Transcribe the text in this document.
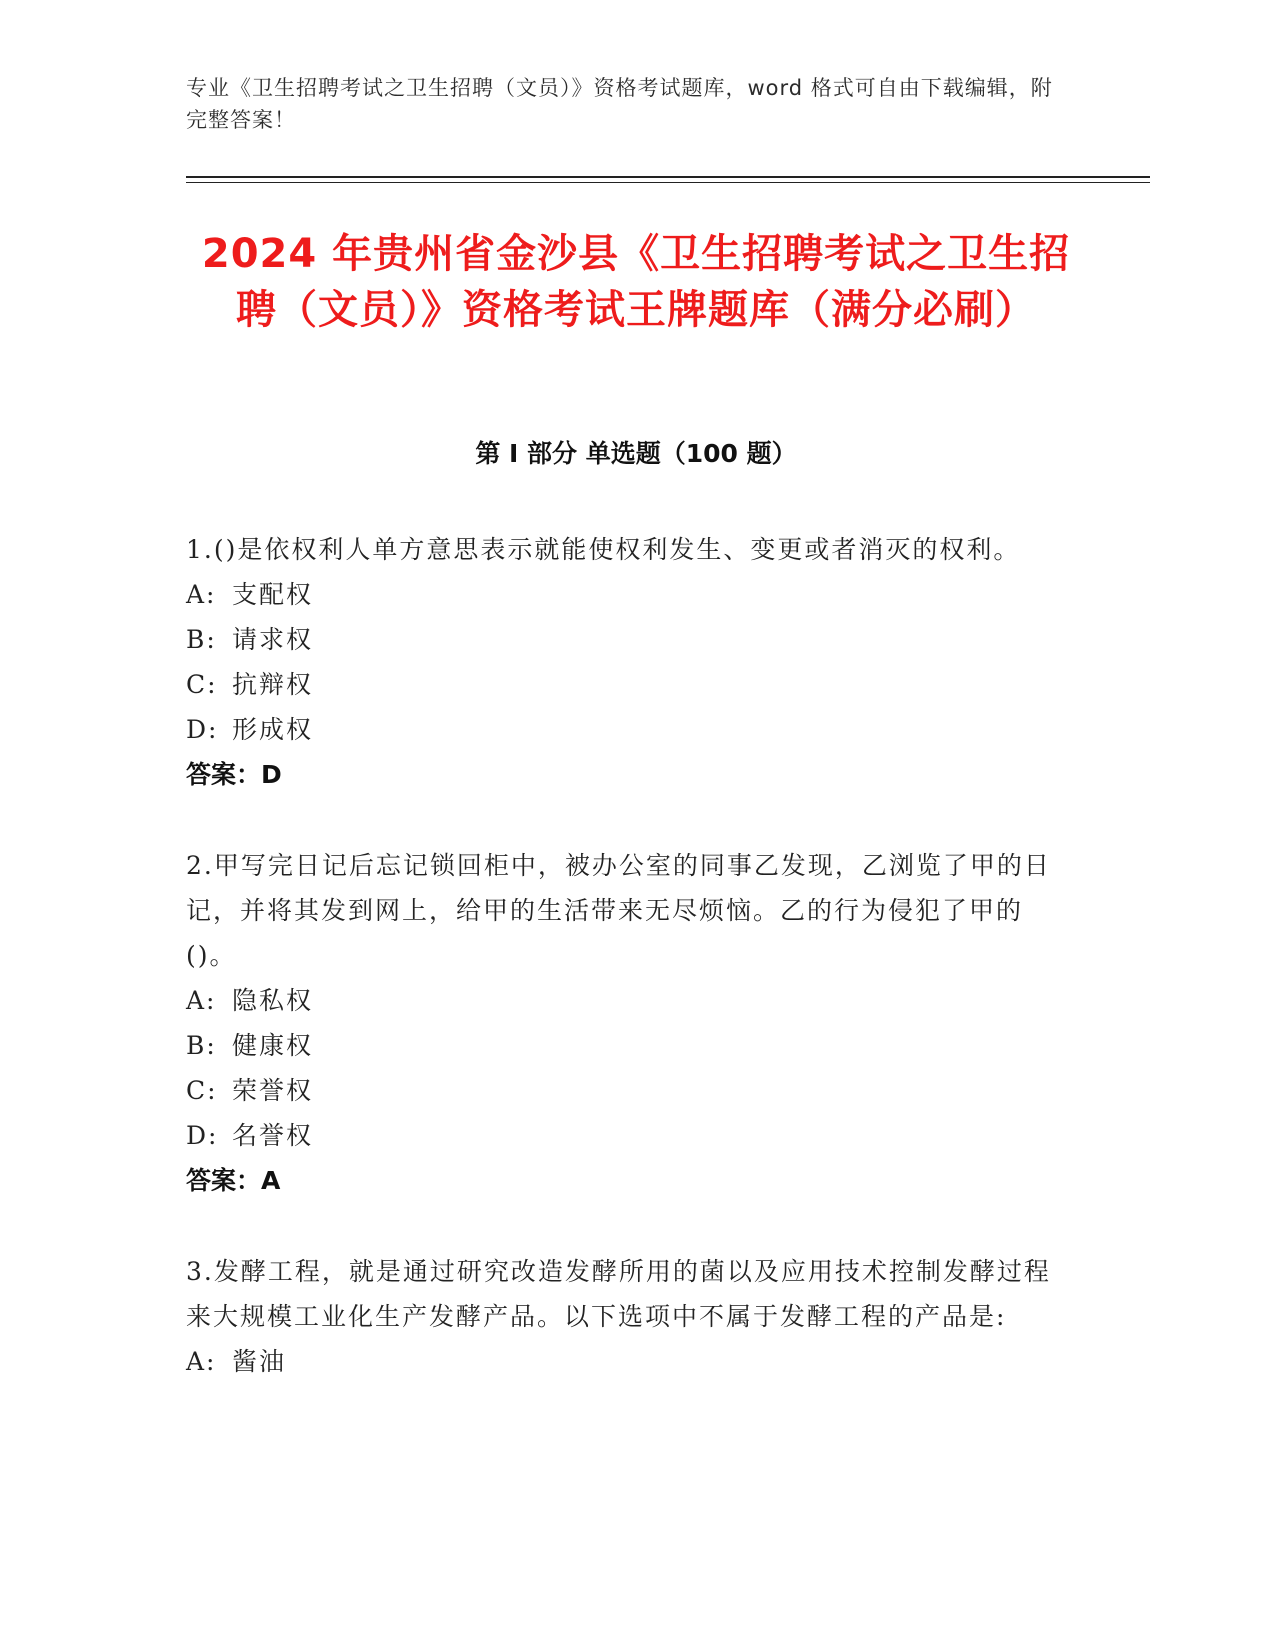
专业《卫生招聘考试之卫生招聘（文员）》资格考试题库，word 格式可自由下载编辑，附完整答案！
2024 年贵州省金沙县《卫生招聘考试之卫生招聘（文员）》资格考试王牌题库（满分必刷）
第 I 部分 单选题（100 题）

1.()是依权利人单方意思表示就能使权利发生、变更或者消灭的权利。

A: 支配权

B: 请求权

C: 抗辩权

D: 形成权

答案：D

2.甲写完日记后忘记锁回柜中，被办公室的同事乙发现，乙浏览了甲的日记，并将其发到网上，给甲的生活带来无尽烦恼。乙的行为侵犯了甲的()。

A: 隐私权

B: 健康权

C: 荣誉权

D: 名誉权

答案：A

3.发酵工程，就是通过研究改造发酵所用的菌以及应用技术控制发酵过程来大规模工业化生产发酵产品。以下选项中不属于发酵工程的产品是:

A: 酱油
